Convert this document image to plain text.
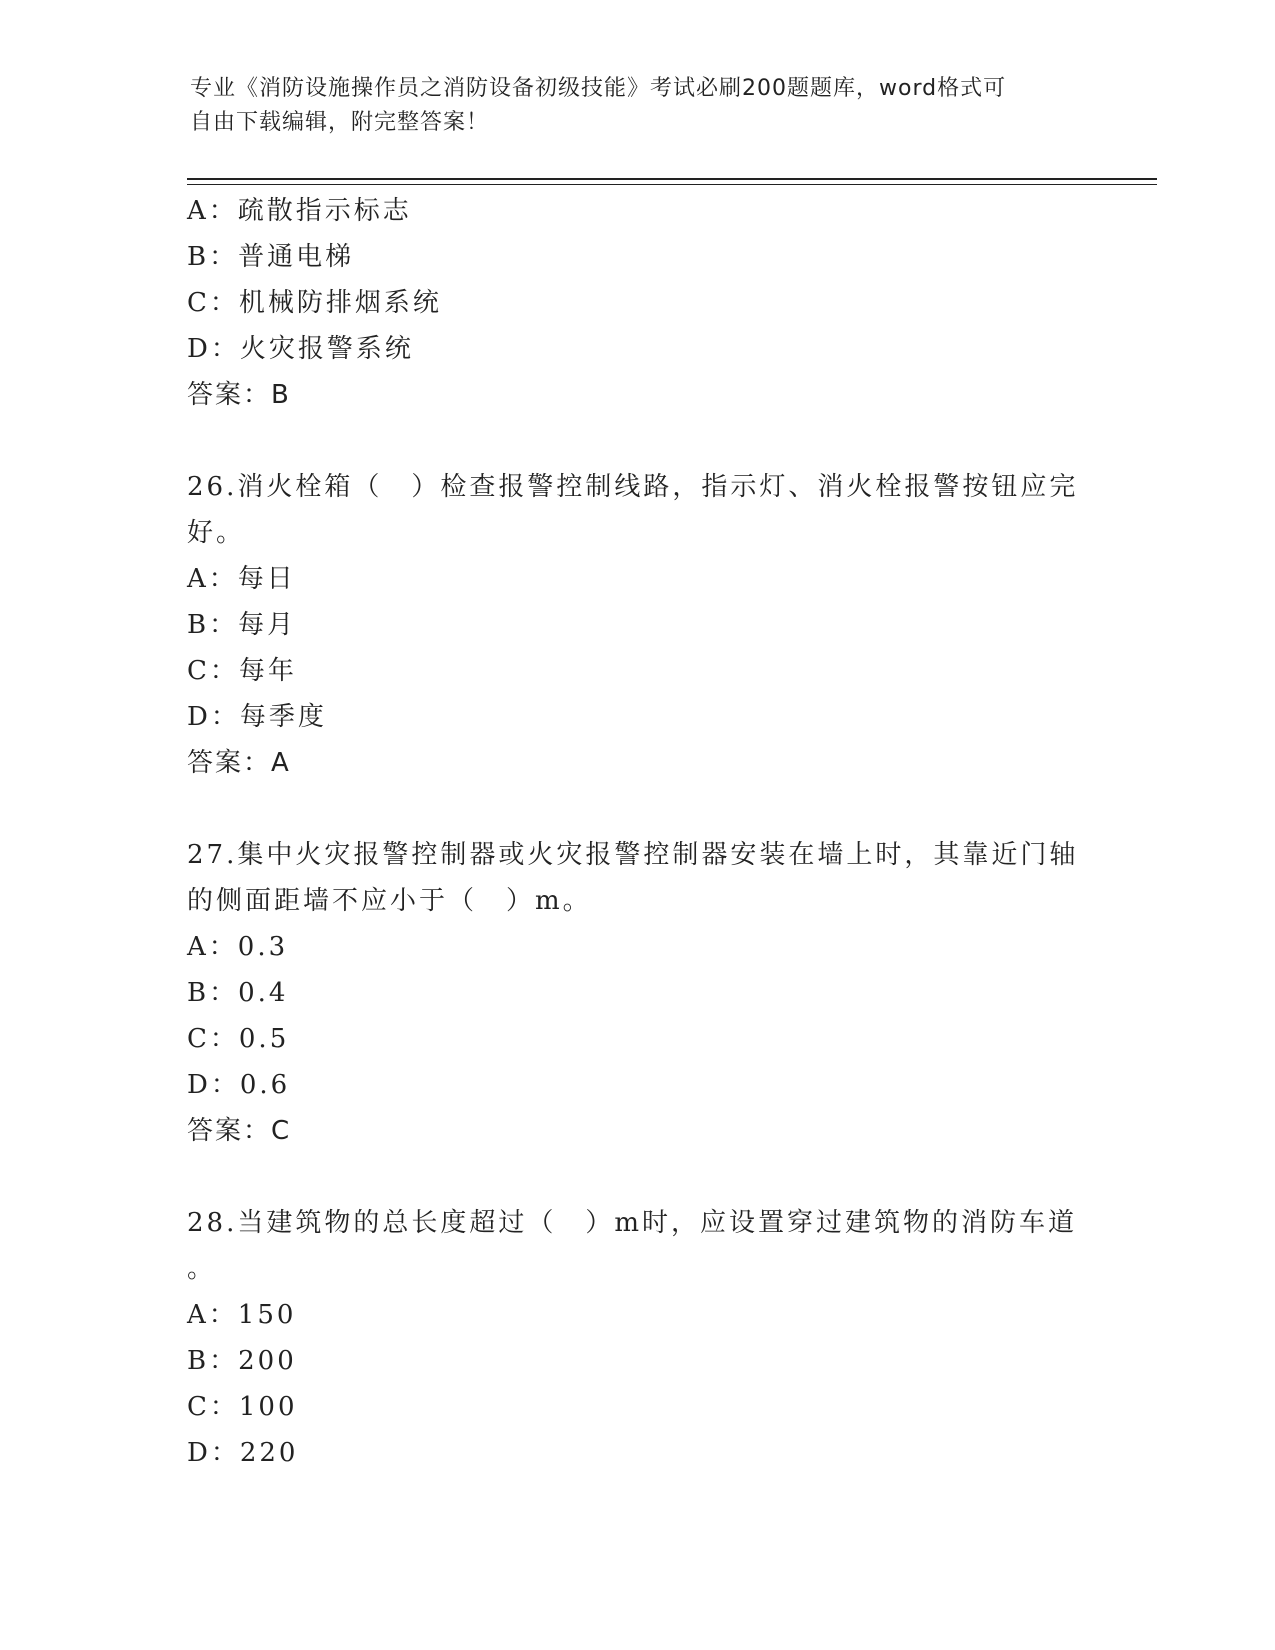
专业《消防设施操作员之消防设备初级技能》考试必刷200题题库，word格式可
自由下载编辑，附完整答案！
A：疏散指示标志
B：普通电梯
C：机械防排烟系统
D：火灾报警系统
答案：B
26.消火栓箱（　）检查报警控制线路，指示灯、消火栓报警按钮应完
好。
A：每日
B：每月
C：每年
D：每季度
答案：A
27.集中火灾报警控制器或火灾报警控制器安装在墙上时，其靠近门轴
的侧面距墙不应小于（　）m。
A：0.3
B：0.4
C：0.5
D：0.6
答案：C
28.当建筑物的总长度超过（　）m时，应设置穿过建筑物的消防车道
。
A：150
B：200
C：100
D：220
